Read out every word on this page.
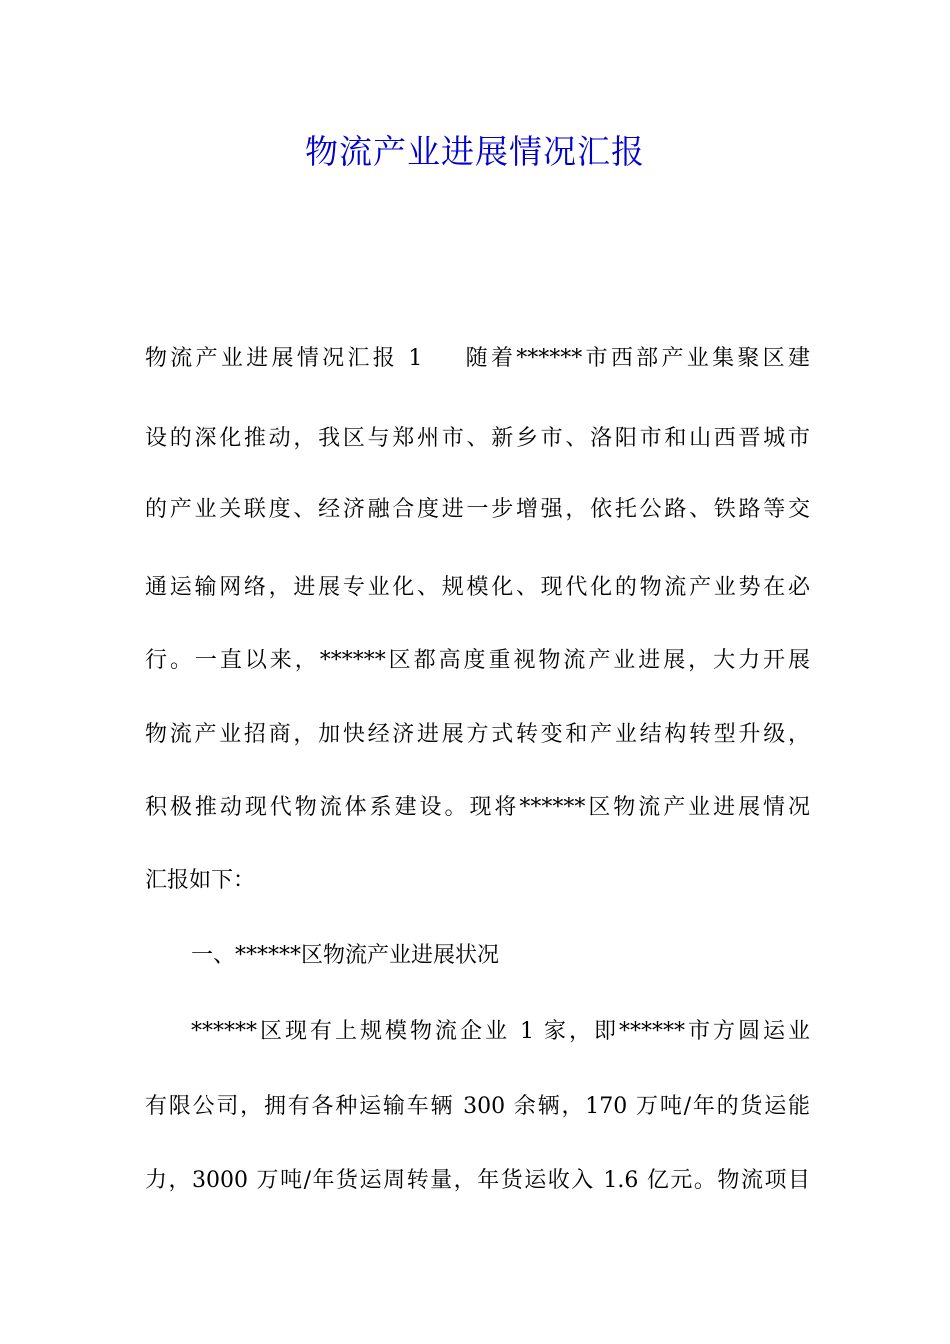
物流产业进展情况汇报
物流产业进展情况汇报 1 随着******市西部产业集聚区建
设的深化推动，我区与郑州市、新乡市、洛阳市和山西晋城市
的产业关联度、经济融合度进一步增强，依托公路、铁路等交
通运输网络，进展专业化、规模化、现代化的物流产业势在必
行。一直以来，******区都高度重视物流产业进展，大力开展
物流产业招商，加快经济进展方式转变和产业结构转型升级，
积极推动现代物流体系建设。现将******区物流产业进展情况
汇报如下：
一、******区物流产业进展状况
******区现有上规模物流企业 1 家，即******市方圆运业
有限公司，拥有各种运输车辆 300 余辆，170 万吨/年的货运能
力，3000 万吨/年货运周转量，年货运收入 1.6 亿元。物流项目
